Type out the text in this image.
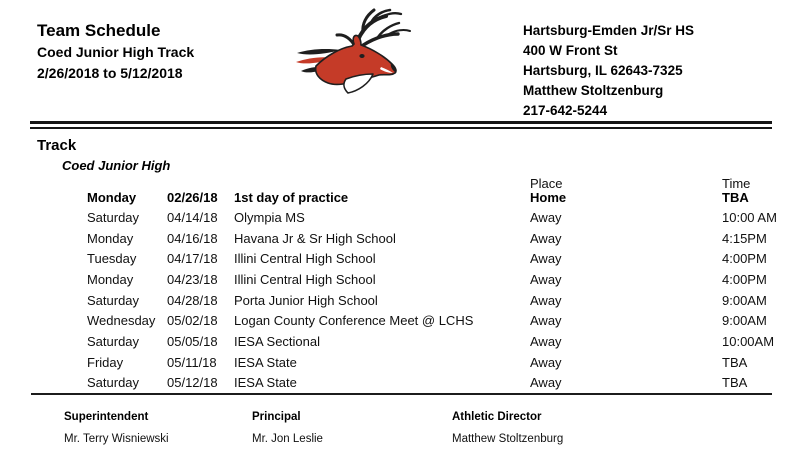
Team Schedule
Coed Junior High Track
2/26/2018 to 5/12/2018
Hartsburg-Emden Jr/Sr HS
400 W Front St
Hartsburg, IL 62643-7325
Matthew Stoltzenburg
217-642-5244
Track
Coed Junior High
Place	Time
Monday 02/26/18 1st day of practice	Home	TBA
Saturday 04/14/18 Olympia MS	Away	10:00 AM
Monday	04/16/18 Havana Jr & Sr High School	Away	4:15PM
Tuesday 04/17/18 Illini Central High School	Away	4:00PM
Monday	04/23/18 Illini Central High School	Away	4:00PM
Saturday 04/28/18 Porta Junior High School	Away	9:00AM
Wednesday 05/02/18 Logan County Conference Meet @ LCHS	Away	9:00AM
Saturday 05/05/18 IESA Sectional	Away	10:00AM
Friday	05/11/18 IESA State	Away	TBA
Saturday 05/12/18 IESA State	Away	TBA
Superintendent
Mr. Terry Wisniewski
Principal
Mr. Jon Leslie
Athletic Director
Matthew Stoltzenburg
